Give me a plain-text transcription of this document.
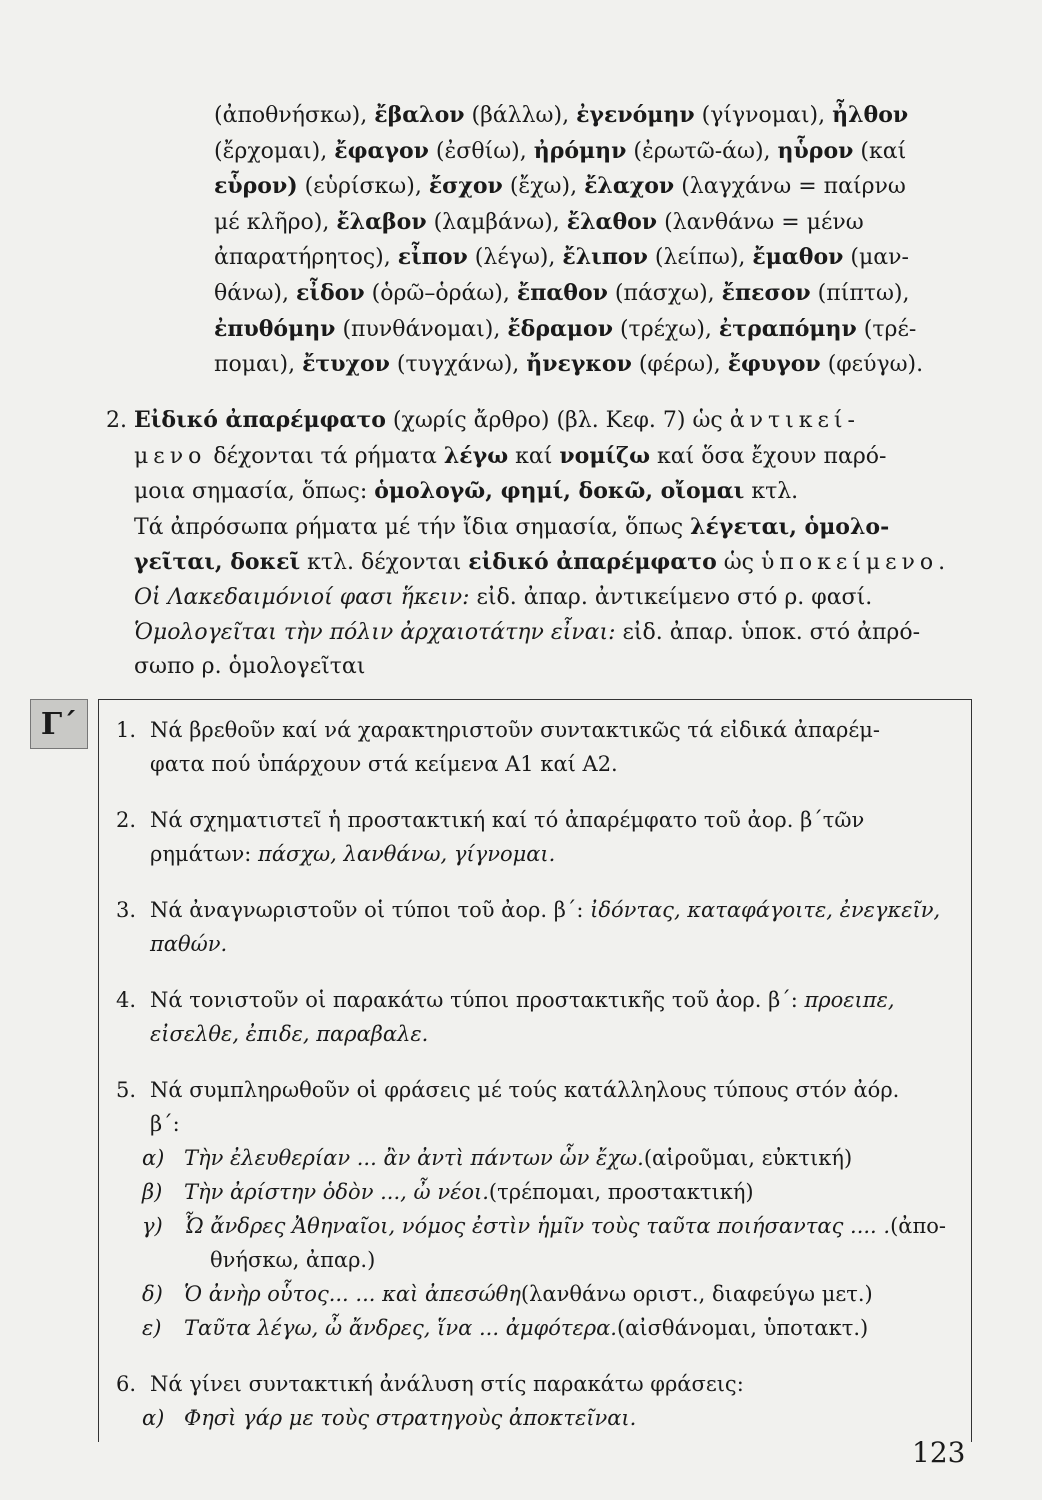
(ἀποθνήσκω), ἔβαλον (βάλλω), ἐγενόμην (γίγνομαι), ἦλθον
(ἔρχομαι), ἔφαγον (ἐσθίω), ἠρόμην (ἐρωτῶ-άω), ηὗρον (καί
εὗρον) (εὑρίσκω), ἔσχον (ἔχω), ἔλαχον (λαγχάνω = παίρνω
μέ κλῆρο), ἔλαβον (λαμβάνω), ἔλαθον (λανθάνω = μένω
ἀπαρατήρητος), εἶπον (λέγω), ἔλιπον (λείπω), ἔμαθον (μαν-
θάνω), εἶδον (ὁρῶ–ὁράω), ἔπαθον (πάσχω), ἔπεσον (πίπτω),
ἐπυθόμην (πυνθάνομαι), ἔδραμον (τρέχω), ἐτραπόμην (τρέ-
πομαι), ἔτυχον (τυγχάνω), ἤνεγκον (φέρω), ἔφυγον (φεύγω).
2. Εἰδικό ἀπαρέμφατο (χωρίς ἄρθρο) (βλ. Κεφ. 7) ὡς ἀντικεί-
μενο δέχονται τά ρήματα λέγω καί νομίζω καί ὅσα ἔχουν παρό-
μοια σημασία, ὅπως: ὁμολογῶ, φημί, δοκῶ, οἴομαι κτλ.
Τά ἀπρόσωπα ρήματα μέ τήν ἴδια σημασία, ὅπως λέγεται, ὁμολο-
γεῖται, δοκεῖ κτλ. δέχονται εἰδικό ἀπαρέμφατο ὡς ὑποκείμενο.
Οἱ Λακεδαιμόνιοί φασι ἥκειν: εἰδ. ἀπαρ. ἀντικείμενο στό ρ. φασί.
Ὁμολογεῖται τὴν πόλιν ἀρχαιοτάτην εἶναι: εἰδ. ἀπαρ. ὑποκ. στό ἀπρό-
σωπο ρ. ὁμολογεῖται
Γ΄ 1. Νά βρεθοῦν καί νά χαρακτηριστοῦν συντακτικῶς τά εἰδικά ἀπαρέμ-
φατα πού ὑπάρχουν στά κείμενα Α1 καί Α2.
2. Νά σχηματιστεῖ ἡ προστακτική καί τό ἀπαρέμφατο τοῦ ἀορ. β΄τῶν
ρημάτων: πάσχω, λανθάνω, γίγνομαι.
3. Νά ἀναγνωριστοῦν οἱ τύποι τοῦ ἀορ. β΄: ἰδόντας, καταφάγοιτε, ἐνεγκεῖν,
παθών.
4. Νά τονιστοῦν οἱ παρακάτω τύποι προστακτικῆς τοῦ ἀορ. β΄: προειπε,
εἰσελθε, ἐπιδε, παραβαλε.
5. Νά συμπληρωθοῦν οἱ φράσεις μέ τούς κατάλληλους τύπους στόν ἀόρ.
β΄:
α) Τὴν ἐλευθερίαν ... ἂν ἀντὶ πάντων ὧν ἔχω. (αἱροῦμαι, εὐκτική)
β)	Τὴν ἀρίστην ὁδὸν ..., ὦ νέοι. (τρέπομαι, προστακτική)
γ)	Ὦ ἄνδρες Ἀθηναῖοι, νόμος ἐστὶν ἡμῖν τοὺς ταῦτα ποιήσαντας .... . (ἀπο-
θνήσκω, ἀπαρ.)
δ)	Ὁ ἀνὴρ οὗτος... ... καὶ ἀπεσώθη (λανθάνω οριστ., διαφεύγω μετ.)
ε)	Ταῦτα λέγω, ὦ ἄνδρες, ἵνα ... ἀμφότερα. (αἰσθάνομαι, ὑποτακτ.)
6. Νά γίνει συντακτική ἀνάλυση στίς παρακάτω φράσεις:
α) Φησὶ γάρ με τοὺς στρατηγοὺς ἀποκτεῖναι.
123
